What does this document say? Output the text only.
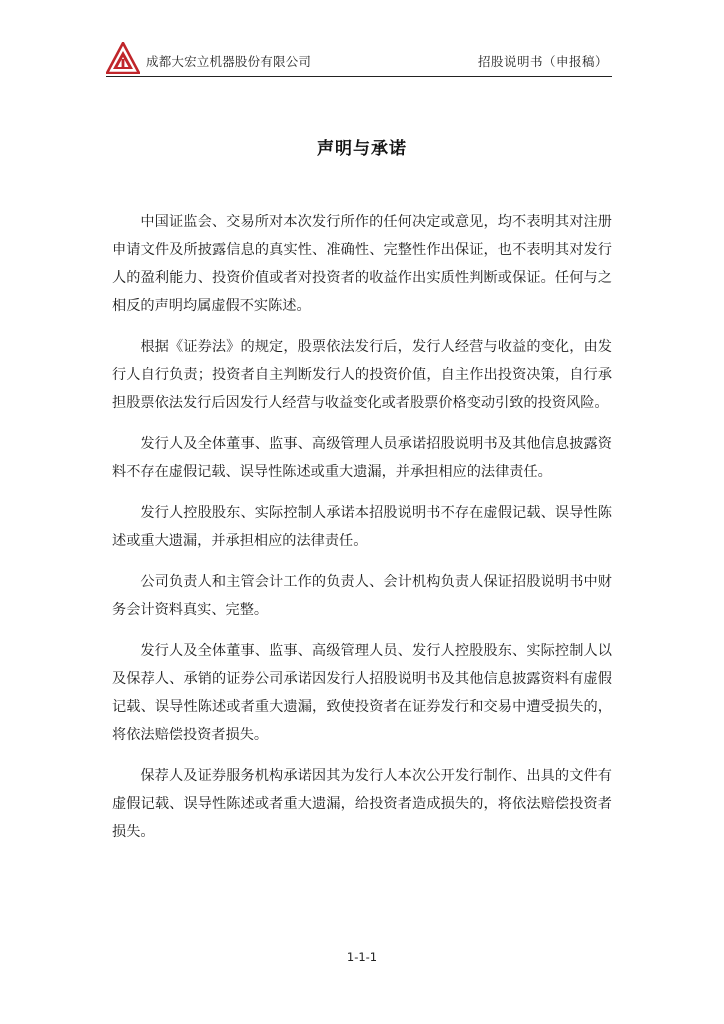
成都大宏立机器股份有限公司	招股说明书（申报稿）
声明与承诺

中国证监会、交易所对本次发行所作的任何决定或意见，均不表明其对注册申请文件及所披露信息的真实性、准确性、完整性作出保证，也不表明其对发行人的盈利能力、投资价值或者对投资者的收益作出实质性判断或保证。任何与之相反的声明均属虚假不实陈述。

根据《证券法》的规定，股票依法发行后，发行人经营与收益的变化，由发行人自行负责；投资者自主判断发行人的投资价值，自主作出投资决策，自行承担股票依法发行后因发行人经营与收益变化或者股票价格变动引致的投资风险。

发行人及全体董事、监事、高级管理人员承诺招股说明书及其他信息披露资料不存在虚假记载、误导性陈述或重大遗漏，并承担相应的法律责任。

发行人控股股东、实际控制人承诺本招股说明书不存在虚假记载、误导性陈述或重大遗漏，并承担相应的法律责任。

公司负责人和主管会计工作的负责人、会计机构负责人保证招股说明书中财务会计资料真实、完整。

发行人及全体董事、监事、高级管理人员、发行人控股股东、实际控制人以及保荐人、承销的证券公司承诺因发行人招股说明书及其他信息披露资料有虚假记载、误导性陈述或者重大遗漏，致使投资者在证券发行和交易中遭受损失的，将依法赔偿投资者损失。

保荐人及证券服务机构承诺因其为发行人本次公开发行制作、出具的文件有虚假记载、误导性陈述或者重大遗漏，给投资者造成损失的，将依法赔偿投资者损失。

1-1-1
